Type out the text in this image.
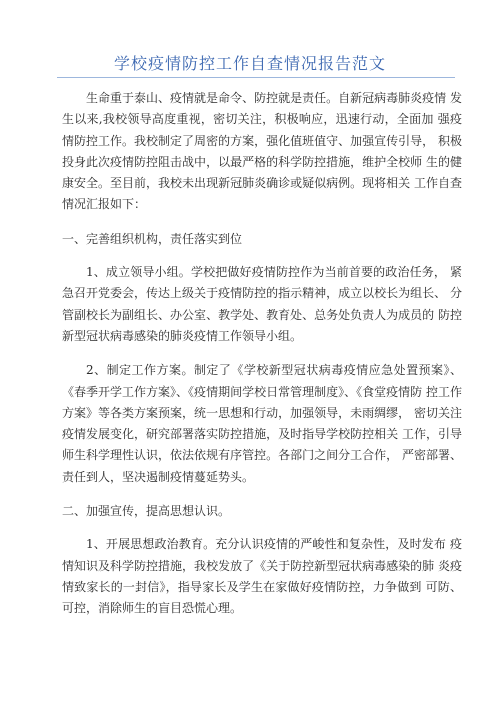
学校疫情防控工作自查情况报告范文

生命重于泰山、疫情就是命令、防控就是责任。自新冠病毒肺炎疫情 发生以来,我校领导高度重视，密切关注，积极响应，迅速行动，全面加 强疫情防控工作。我校制定了周密的方案，强化值班值守、加强宣传引导， 积极投身此次疫情防控阻击战中，以最严格的科学防控措施，维护全校师 生的健康安全。至目前，我校未出现新冠肺炎确诊或疑似病例。现将相关 工作自查情况汇报如下：

一、完善组织机构，责任落实到位

1、成立领导小组。学校把做好疫情防控作为当前首要的政治任务， 紧急召开党委会，传达上级关于疫情防控的指示精神，成立以校长为组长、 分管副校长为副组长、办公室、教学处、教育处、总务处负责人为成员的 防控新型冠状病毒感染的肺炎疫情工作领导小组。

2、制定工作方案。制定了《学校新型冠状病毒疫情应急处置预案》、《春季开学工作方案》、《疫情期间学校日常管理制度》、《食堂疫情防 控工作方案》等各类方案预案，统一思想和行动，加强领导，未雨绸缪， 密切关注疫情发展变化，研究部署落实防控措施，及时指导学校防控相关 工作，引导师生科学理性认识，依法依规有序管控。各部门之间分工合作， 严密部署、责任到人，坚决遏制疫情蔓延势头。

二、加强宣传，提高思想认识。

1、开展思想政治教育。充分认识疫情的严峻性和复杂性，及时发布 疫情知识及科学防控措施，我校发放了《关于防控新型冠状病毒感染的肺 炎疫情致家长的一封信》，指导家长及学生在家做好疫情防控，力争做到 可防、可控，消除师生的盲目恐慌心理。
